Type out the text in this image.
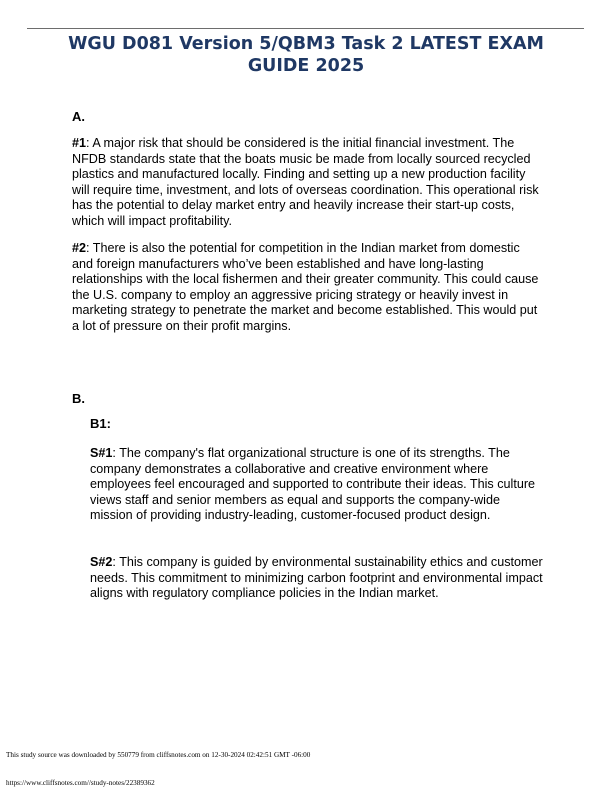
WGU D081 Version 5/QBM3 Task 2 LATEST EXAM GUIDE 2025

A.

#1: A major risk that should be considered is the initial financial investment. The NFDB standards state that the boats music be made from locally sourced recycled plastics and manufactured locally. Finding and setting up a new production facility will require time, investment, and lots of overseas coordination. This operational risk has the potential to delay market entry and heavily increase their start-up costs, which will impact profitability.

#2: There is also the potential for competition in the Indian market from domestic and foreign manufacturers who’ve been established and have long-lasting relationships with the local fishermen and their greater community. This could cause the U.S. company to employ an aggressive pricing strategy or heavily invest in marketing strategy to penetrate the market and become established. This would put a lot of pressure on their profit margins.

B.

B1:

S#1: The company's flat organizational structure is one of its strengths. The company demonstrates a collaborative and creative environment where employees feel encouraged and supported to contribute their ideas. This culture views staff and senior members as equal and supports the company-wide mission of providing industry-leading, customer-focused product design.

S#2: This company is guided by environmental sustainability ethics and customer needs. This commitment to minimizing carbon footprint and environmental impact aligns with regulatory compliance policies in the Indian market.

This study source was downloaded by 550779 from cliffsnotes.com on 12-30-2024 02:42:51 GMT -06:00

https://www.cliffsnotes.com//study-notes/22389362
